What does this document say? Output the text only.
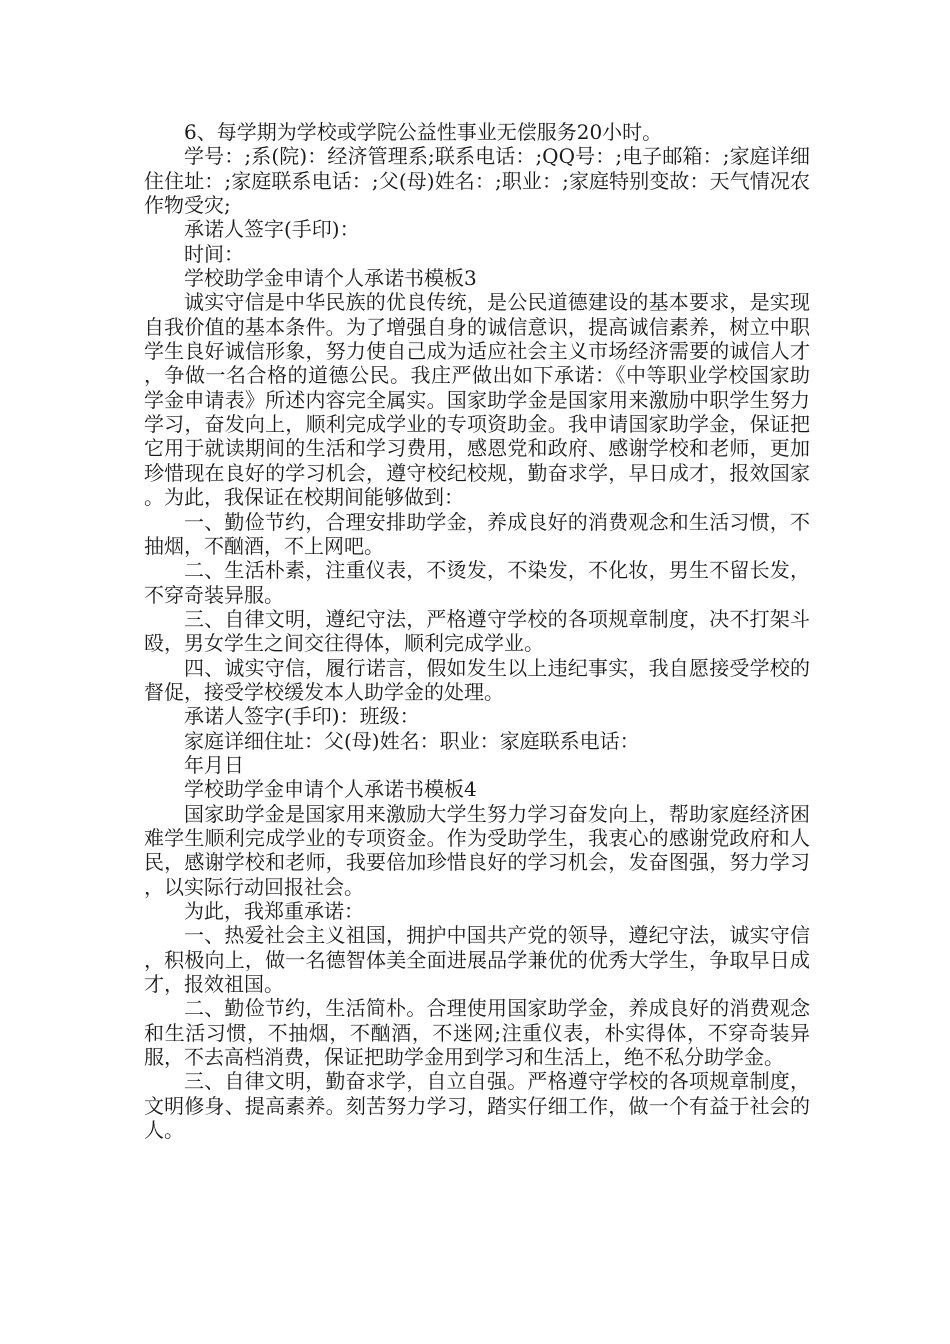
6、每学期为学校或学院公益性事业无偿服务20小时。

学号：;系(院)：经济管理系;联系电话：;QQ号：;电子邮箱：;家庭详细住住址：;家庭联系电话：;父(母)姓名：;职业：;家庭特别变故：天气情况农作物受灾;

承诺人签字(手印)：

时间：

学校助学金申请个人承诺书模板3

诚实守信是中华民族的优良传统，是公民道德建设的基本要求，是实现自我价值的基本条件。为了增强自身的诚信意识，提高诚信素养，树立中职学生良好诚信形象，努力使自己成为适应社会主义市场经济需要的诚信人才，争做一名合格的道德公民。我庄严做出如下承诺：《中等职业学校国家助学金申请表》所述内容完全属实。国家助学金是国家用来激励中职学生努力学习，奋发向上，顺利完成学业的专项资助金。我申请国家助学金，保证把它用于就读期间的生活和学习费用，感恩党和政府、感谢学校和老师，更加珍惜现在良好的学习机会，遵守校纪校规，勤奋求学，早日成才，报效国家。为此，我保证在校期间能够做到：

一、勤俭节约，合理安排助学金，养成良好的消费观念和生活习惯，不抽烟，不酗酒，不上网吧。

二、生活朴素，注重仪表，不烫发，不染发，不化妆，男生不留长发，不穿奇装异服。

三、自律文明，遵纪守法，严格遵守学校的各项规章制度，决不打架斗殴，男女学生之间交往得体，顺利完成学业。

四、诚实守信，履行诺言，假如发生以上违纪事实，我自愿接受学校的督促，接受学校缓发本人助学金的处理。

承诺人签字(手印)：班级：

家庭详细住址：父(母)姓名：职业：家庭联系电话：

年月日

学校助学金申请个人承诺书模板4

国家助学金是国家用来激励大学生努力学习奋发向上，帮助家庭经济困难学生顺利完成学业的专项资金。作为受助学生，我衷心的感谢党政府和人民，感谢学校和老师，我要倍加珍惜良好的学习机会，发奋图强，努力学习，以实际行动回报社会。

为此，我郑重承诺：

一、热爱社会主义祖国，拥护中国共产党的领导，遵纪守法，诚实守信，积极向上，做一名德智体美全面进展品学兼优的优秀大学生，争取早日成才，报效祖国。

二、勤俭节约，生活简朴。合理使用国家助学金，养成良好的消费观念和生活习惯，不抽烟，不酗酒，不迷网;注重仪表，朴实得体，不穿奇装异服，不去高档消费，保证把助学金用到学习和生活上，绝不私分助学金。

三、自律文明，勤奋求学，自立自强。严格遵守学校的各项规章制度，文明修身、提高素养。刻苦努力学习，踏实仔细工作，做一个有益于社会的人。
